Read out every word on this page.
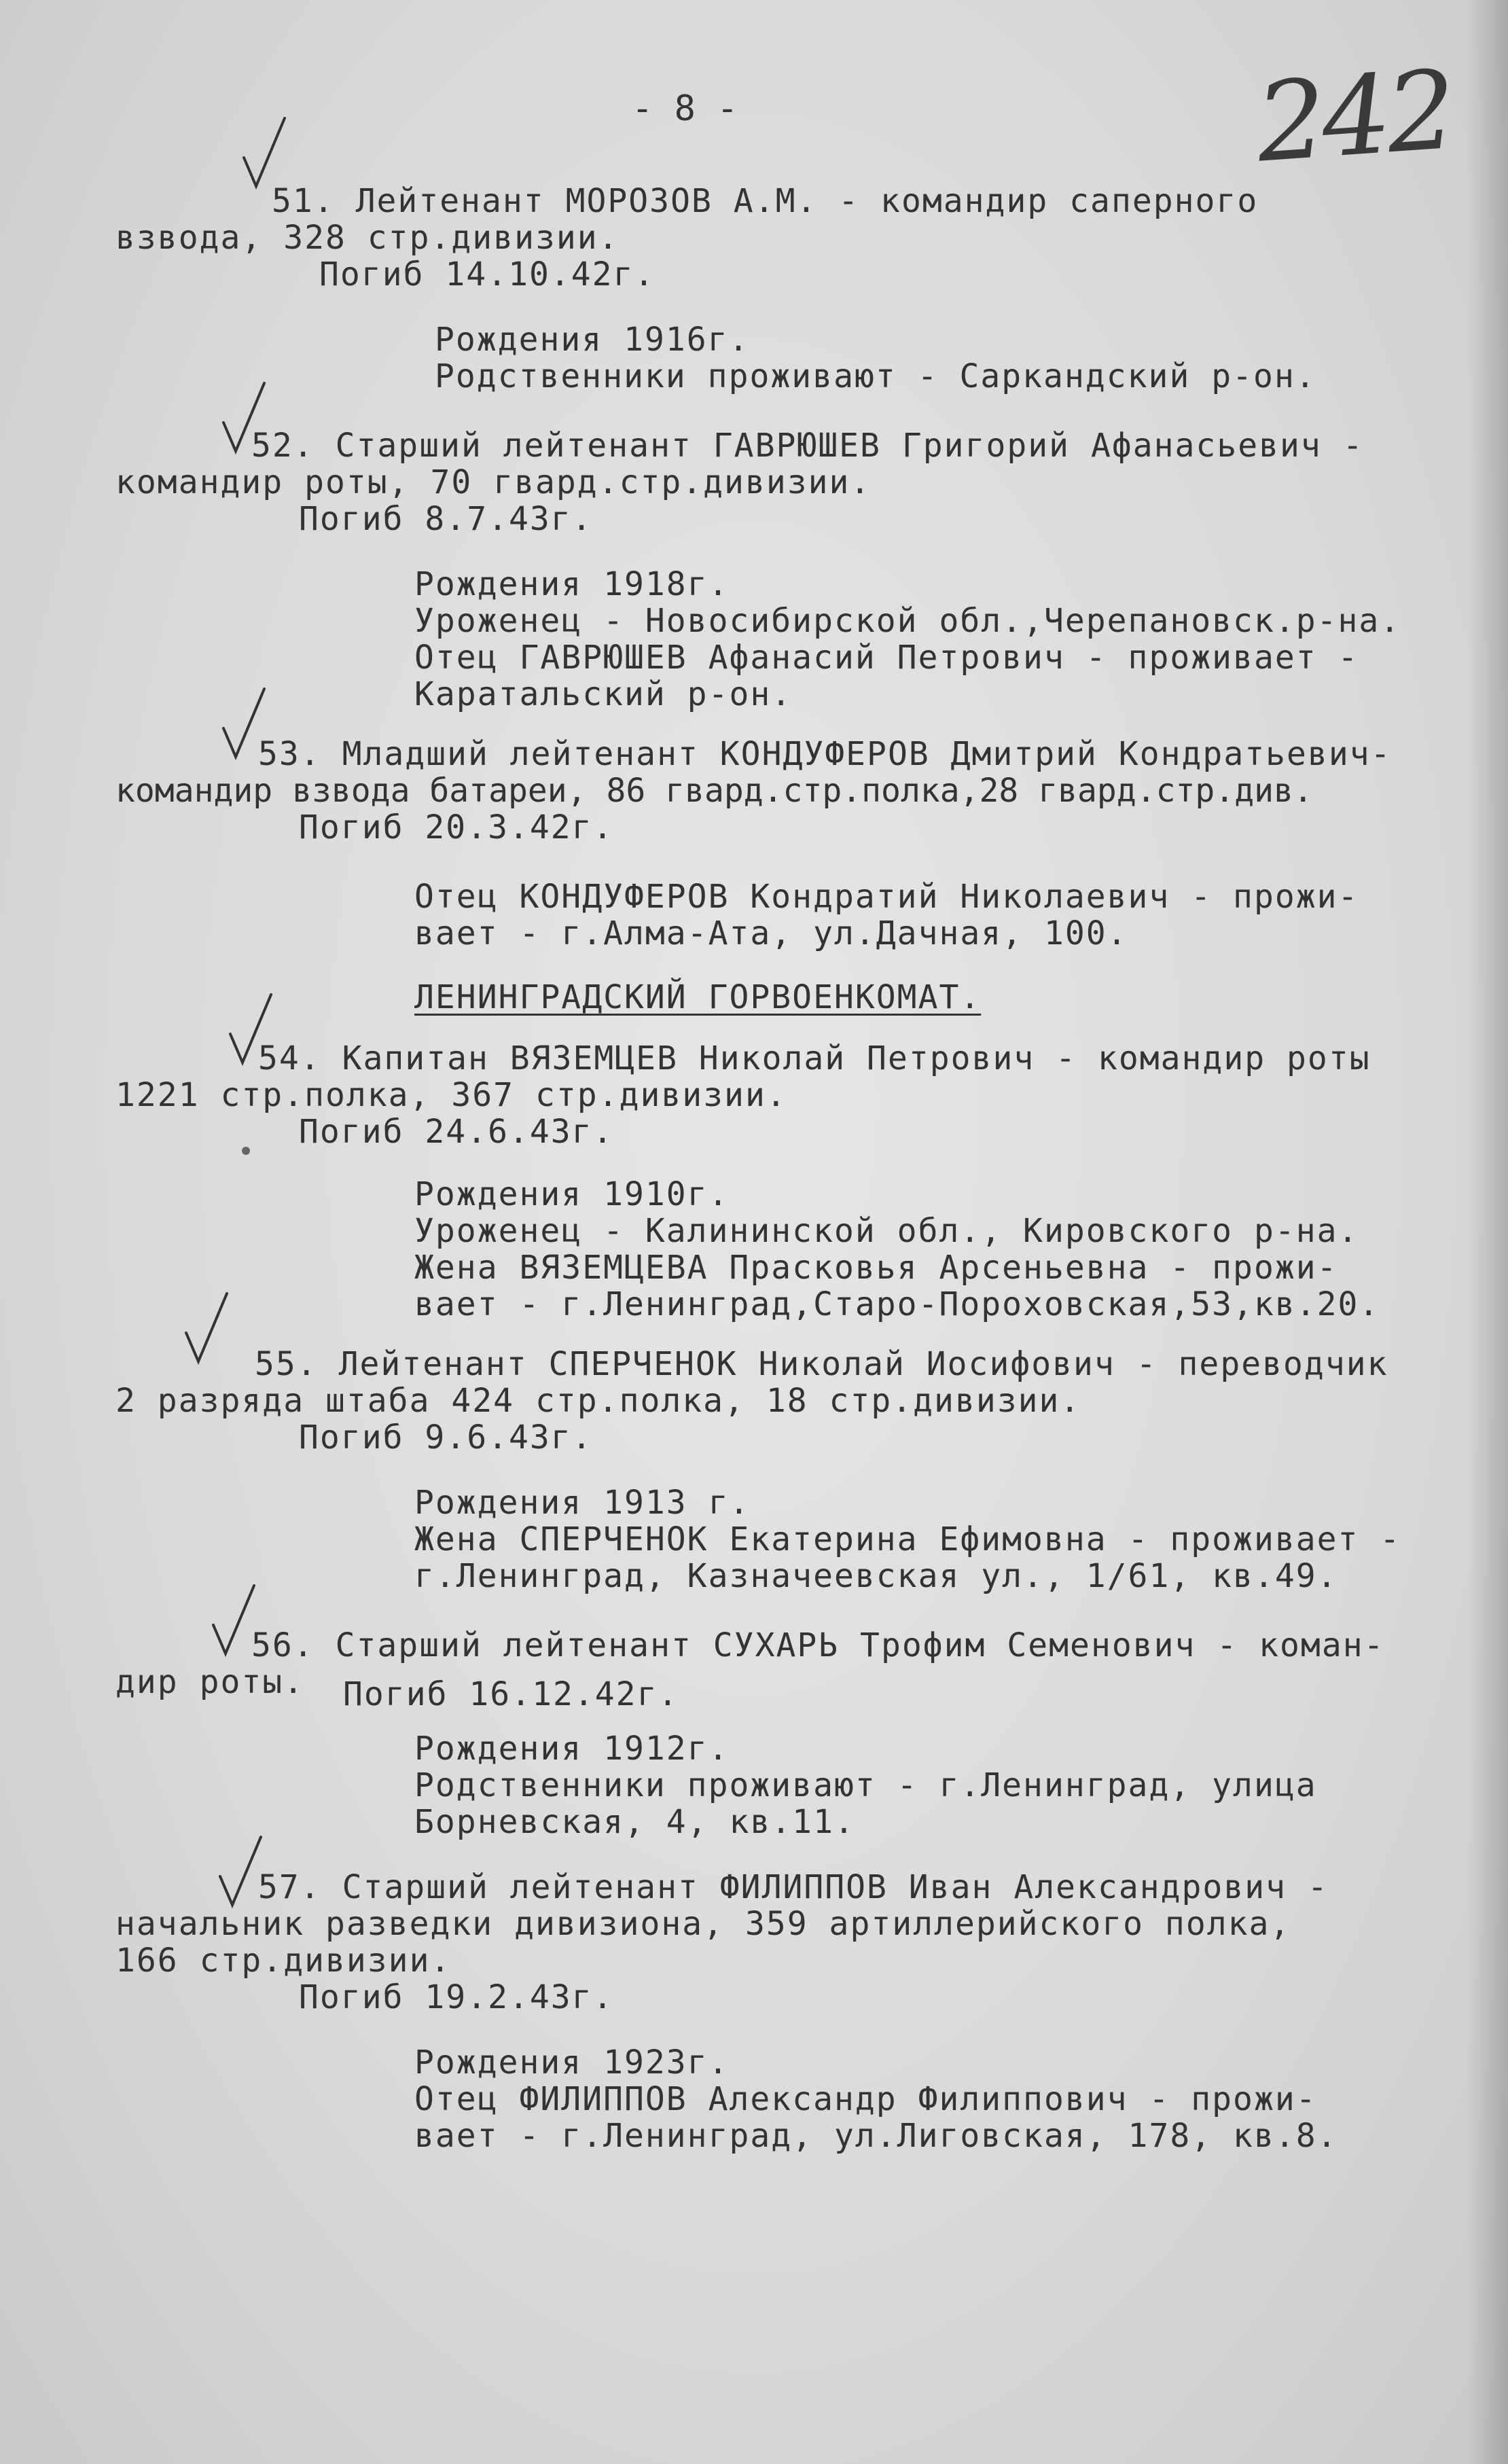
- 8 -	242
51. Лейтенант МОРОЗОВ А.М. - командир саперного
взвода, 328 стр.дивизии.
Погиб 14.10.42г.
Рождения 1916г.
Родственники проживают - Саркандский р-он.
52. Старший лейтенант ГАВРЮШЕВ Григорий Афанасьевич -
командир роты, 70 гвард.стр.дивизии.
Погиб 8.7.43г.
Рождения 1918г.
Уроженец - Новосибирской обл.,Черепановск.р-на.
Отец ГАВРЮШЕВ Афанасий Петрович - проживает -
Каратальский р-он.
53. Младший лейтенант КОНДУФЕРОВ Дмитрий Кондратьевич-
командир взвода батареи, 86 гвард.стр.полка,28 гвард.стр.див.
Погиб 20.3.42г.
Отец КОНДУФЕРОВ Кондратий Николаевич - прожи-
вает - г.Алма-Ата, ул.Дачная, 100.
ЛЕНИНГРАДСКИЙ ГОРВОЕНКОМАТ.
54. Капитан ВЯЗЕМЦЕВ Николай Петрович - командир роты
1221 стр.полка, 367 стр.дивизии.
Погиб 24.6.43г.
Рождения 1910г.
Уроженец - Калининской обл., Кировского р-на.
Жена ВЯЗЕМЦЕВА Прасковья Арсеньевна - прожи-
вает - г.Ленинград,Старо-Пороховская,53,кв.20.
55. Лейтенант СПЕРЧЕНОК Николай Иосифович - переводчик
2 разряда штаба 424 стр.полка, 18 стр.дивизии.
Погиб 9.6.43г.
Рождения 1913 г.
Жена СПЕРЧЕНОК Екатерина Ефимовна - проживает -
г.Ленинград, Казначеевская ул., 1/61, кв.49.
56. Старший лейтенант СУХАРЬ Трофим Семенович - коман-
дир роты. Погиб 16.12.42г.
Рождения 1912г.
Родственники проживают - г.Ленинград, улица
Борневская, 4, кв.11.
57. Старший лейтенант ФИЛИППОВ Иван Александрович -
начальник разведки дивизиона, 359 артиллерийского полка,
166 стр.дивизии.
Погиб 19.2.43г.
Рождения 1923г.
Отец ФИЛИППОВ Александр Филиппович - прожи-
вает - г.Ленинград, ул.Лиговская, 178, кв.8.
